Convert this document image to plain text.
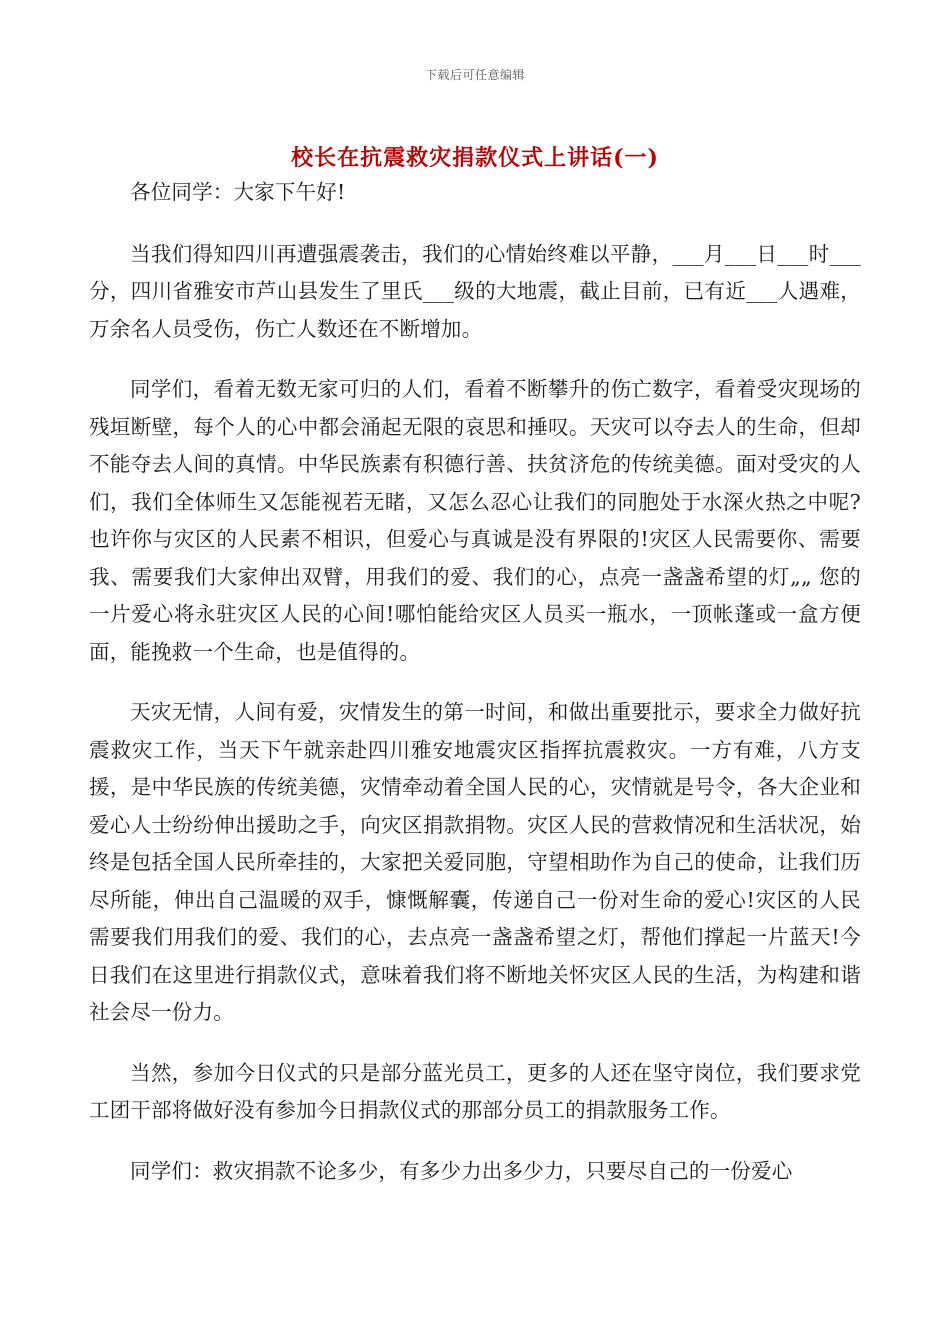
下载后可任意编辑
校长在抗震救灾捐款仪式上讲话(一)

各位同学：大家下午好!

当我们得知四川再遭强震袭击，我们的心情始终难以平静，___月___日___时___分，四川省雅安市芦山县发生了里氏___级的大地震，截止目前，已有近___人遇难，万余名人员受伤，伤亡人数还在不断增加。

同学们，看着无数无家可归的人们，看着不断攀升的伤亡数字，看着受灾现场的残垣断壁，每个人的心中都会涌起无限的哀思和捶叹。天灾可以夺去人的生命，但却不能夺去人间的真情。中华民族素有积德行善、扶贫济危的传统美德。面对受灾的人们，我们全体师生又怎能视若无睹，又怎么忍心让我们的同胞处于水深火热之中呢?也许你与灾区的人民素不相识，但爱心与真诚是没有界限的!灾区人民需要你、需要我、需要我们大家伸出双臂，用我们的爱、我们的心，点亮一盏盏希望的灯„„ 您的一片爱心将永驻灾区人民的心间!哪怕能给灾区人员买一瓶水，一顶帐蓬或一盒方便面，能挽救一个生命，也是值得的。

天灾无情，人间有爱，灾情发生的第一时间，和做出重要批示，要求全力做好抗震救灾工作，当天下午就亲赴四川雅安地震灾区指挥抗震救灾。一方有难，八方支援，是中华民族的传统美德，灾情牵动着全国人民的心，灾情就是号令，各大企业和爱心人士纷纷伸出援助之手，向灾区捐款捐物。灾区人民的营救情况和生活状况，始终是包括全国人民所牵挂的，大家把关爱同胞，守望相助作为自己的使命，让我们历尽所能，伸出自己温暖的双手，慷慨解囊，传递自己一份对生命的爱心!灾区的人民需要我们用我们的爱、我们的心，去点亮一盏盏希望之灯，帮他们撑起一片蓝天!今日我们在这里进行捐款仪式，意味着我们将不断地关怀灾区人民的生活，为构建和谐社会尽一份力。

当然，参加今日仪式的只是部分蓝光员工，更多的人还在坚守岗位，我们要求党工团干部将做好没有参加今日捐款仪式的那部分员工的捐款服务工作。

同学们：救灾捐款不论多少，有多少力出多少力，只要尽自己的一份爱心
